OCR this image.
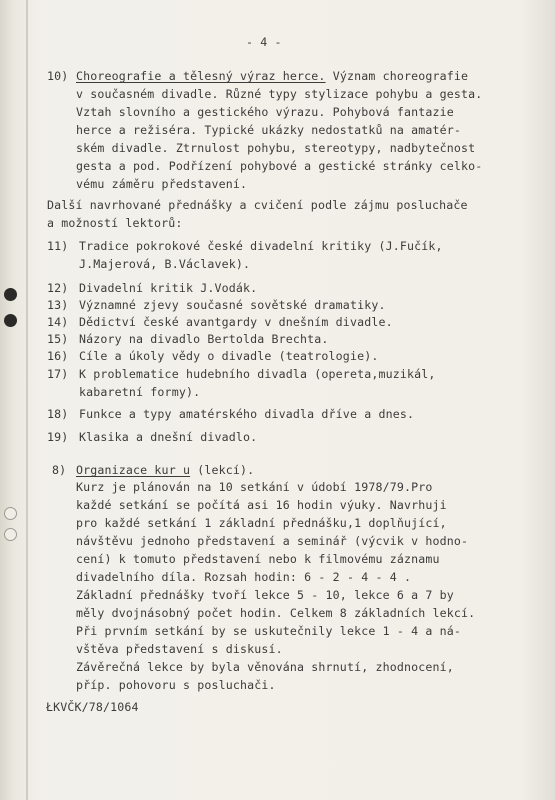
- 4 -
10) Choreografie a tělesný výraz herce. Význam choreografie
v současném divadle. Různé typy stylizace pohybu a gesta.
Vztah slovního a gestického výrazu. Pohybová fantazie
herce a režiséra. Typické ukázky nedostatků na amatér-
ském divadle. Ztrnulost pohybu, stereotypy, nadbytečnost
gesta a pod. Podřízení pohybové a gestické stránky celko-
vému záměru představení.
Další navrhované přednášky a cvičení podle zájmu posluchače
a možností lektorů:
11) Tradice pokrokové české divadelní kritiky (J.Fučík,
J.Majerová, B.Václavek).
12) Divadelní kritik J.Vodák.
13) Významné zjevy současné sovětské dramatiky.
14) Dědictví české avantgardy v dnešním divadle.
15) Názory na divadlo Bertolda Brechta.
16) Cíle a úkoly vědy o divadle (teatrologie).
17) K problematice hudebního divadla (opereta,muzikál,
kabaretní formy).
18) Funkce a typy amatérského divadla dříve a dnes.
19) Klasika a dnešní divadlo.
8) Organizace kur_u (lekcí).
Kurz je plánován na 10 setkání v údobí 1978/79.Pro
každé setkání se počítá asi 16 hodin výuky. Navrhuji
pro každé setkání 1 základní přednášku,1 doplňující,
návštěvu jednoho představení a seminář (výcvik v hodno-
cení) k tomuto představení nebo k filmovému záznamu
divadelního díla. Rozsah hodin: 6 - 2 - 4 - 4 .
Základní přednášky tvoří lekce 5 - 10, lekce 6 a 7 by
měly dvojnásobný počet hodin. Celkem 8 základních lekcí.
Při prvním setkání by se uskutečnily lekce 1 - 4 a ná-
vštěva představení s diskusí.
Závěrečná lekce by byla věnována shrnutí, zhodnocení,
příp. pohovoru s posluchači.
ŁKVČK/78/1064
